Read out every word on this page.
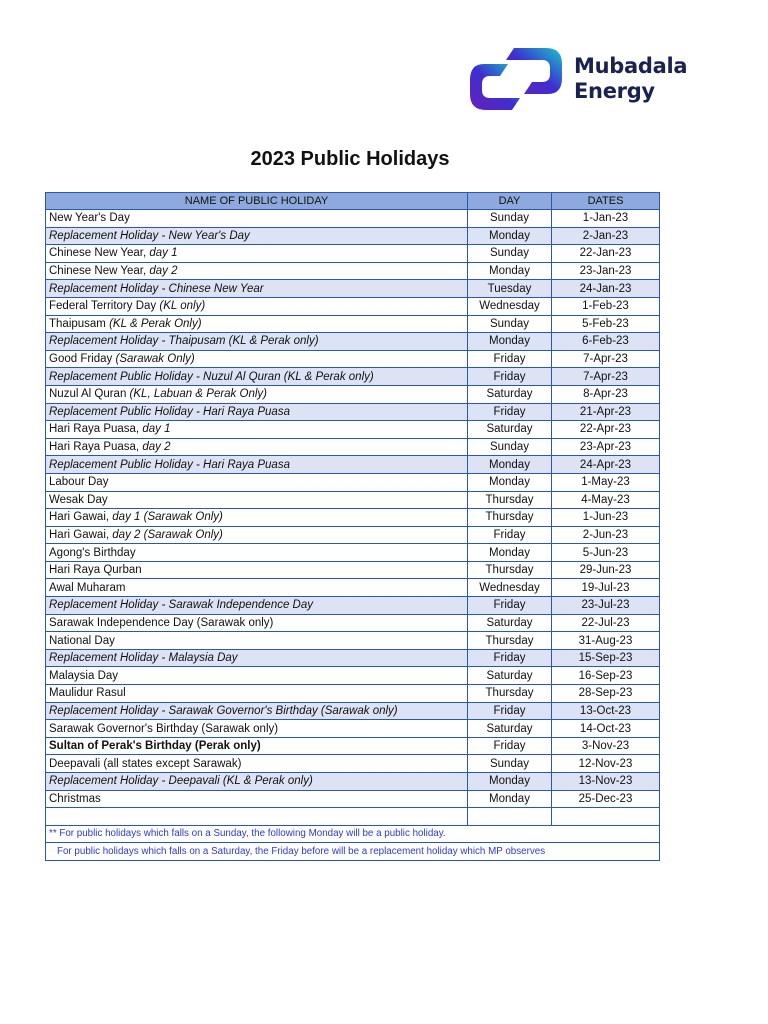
Mubadala
Energy
2023 Public Holidays
NAME OF PUBLIC HOLIDAY	DAY	DATES
New Year's Day	Sunday	1-Jan-23
Replacement Holiday - New Year's Day	Monday	2-Jan-23
Chinese New Year, day 1	Sunday	22-Jan-23
Chinese New Year, day 2	Monday	23-Jan-23
Replacement Holiday - Chinese New Year	Tuesday	24-Jan-23
Federal Territory Day (KL only)	Wednesday	1-Feb-23
Thaipusam (KL & Perak Only)	Sunday	5-Feb-23
Replacement Holiday - Thaipusam (KL & Perak only)	Monday	6-Feb-23
Good Friday (Sarawak Only)	Friday	7-Apr-23
Replacement Public Holiday - Nuzul Al Quran (KL & Perak only)	Friday	7-Apr-23
Nuzul Al Quran (KL, Labuan & Perak Only)	Saturday	8-Apr-23
Replacement Public Holiday - Hari Raya Puasa	Friday	21-Apr-23
Hari Raya Puasa, day 1	Saturday	22-Apr-23
Hari Raya Puasa, day 2	Sunday	23-Apr-23
Replacement Public Holiday - Hari Raya Puasa	Monday	24-Apr-23
Labour Day	Monday	1-May-23
Wesak Day	Thursday	4-May-23
Hari Gawai, day 1 (Sarawak Only)	Thursday	1-Jun-23
Hari Gawai, day 2 (Sarawak Only)	Friday	2-Jun-23
Agong's Birthday	Monday	5-Jun-23
Hari Raya Qurban	Thursday	29-Jun-23
Awal Muharam	Wednesday	19-Jul-23
Replacement Holiday - Sarawak Independence Day	Friday	23-Jul-23
Sarawak Independence Day (Sarawak only)	Saturday	22-Jul-23
National Day	Thursday	31-Aug-23
Replacement Holiday - Malaysia Day	Friday	15-Sep-23
Malaysia Day	Saturday	16-Sep-23
Maulidur Rasul	Thursday	28-Sep-23
Replacement Holiday - Sarawak Governor's Birthday (Sarawak only)	Friday	13-Oct-23
Sarawak Governor's Birthday (Sarawak only)	Saturday	14-Oct-23
Sultan of Perak's Birthday (Perak only)	Friday	3-Nov-23
Deepavali (all states except Sarawak)	Sunday	12-Nov-23
Replacement Holiday - Deepavali (KL & Perak only)	Monday	13-Nov-23
Christmas	Monday	25-Dec-23

** For public holidays which falls on a Sunday, the following Monday will be a public holiday.		
For public holidays which falls on a Saturday, the Friday before will be a replacement holiday which MP observes		
